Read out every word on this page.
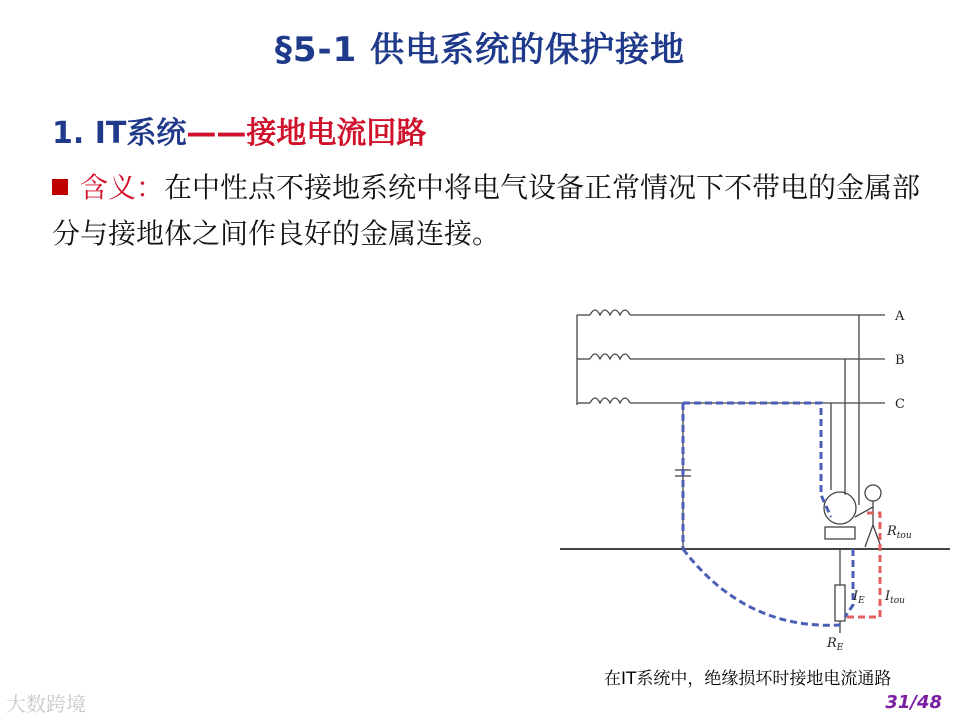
§5-1 供电系统的保护接地
1. IT系统——接地电流回路
含义：在中性点不接地系统中将电气设备正常情况下不带电的金属部分与接地体之间作良好的金属连接。
A
B
C
$R_{tou}$
$I_E$ $I_{tou}$
$R_E$
在IT系统中，绝缘损坏时接地电流通路
31/48
大数跨境
